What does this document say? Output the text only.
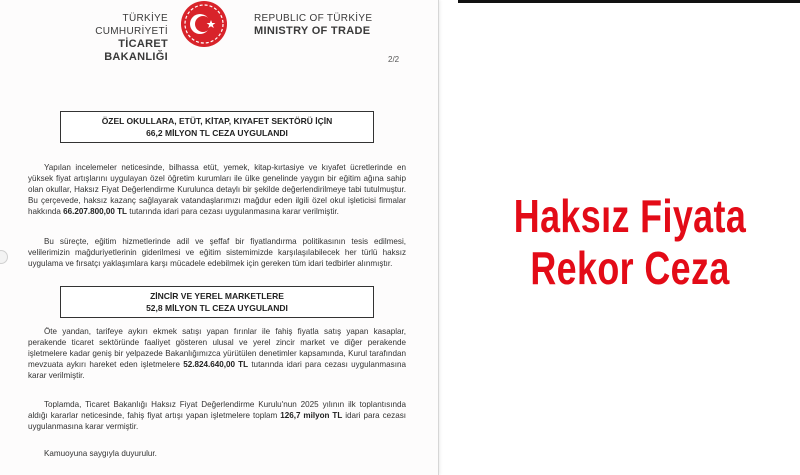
TÜRKİYE CUMHURİYETİ
TİCARET BAKANLIĞI
REPUBLIC OF TÜRKİYE
MINISTRY OF TRADE
2/2
ÖZEL OKULLARA, ETÜT, KİTAP, KIYAFET SEKTÖRÜ İÇİN
66,2 MİLYON TL CEZA UYGULANDI
Yapılan incelemeler neticesinde, bilhassa etüt, yemek, kitap-kırtasiye ve kıyafet ücretlerinde en yüksek fiyat artışlarını uygulayan özel öğretim kurumları ile ülke genelinde yaygın bir eğitim ağına sahip olan okullar, Haksız Fiyat Değerlendirme Kurulunca detaylı bir şekilde değerlendirilmeye tabi tutulmuştur. Bu çerçevede, haksız kazanç sağlayarak vatandaşlarımızı mağdur eden ilgili özel okul işleticisi firmalar hakkında 66.207.800,00 TL tutarında idari para cezası uygulanmasına karar verilmiştir.
Bu süreçte, eğitim hizmetlerinde adil ve şeffaf bir fiyatlandırma politikasının tesis edilmesi, velilerimizin mağduriyetlerinin giderilmesi ve eğitim sistemimizde karşılaşılabilecek her türlü haksız uygulama ve fırsatçı yaklaşımlara karşı mücadele edebilmek için gereken tüm idari tedbirler alınmıştır.
ZİNCİR VE YEREL MARKETLERE
52,8 MİLYON TL CEZA UYGULANDI
Öte yandan, tarifeye aykırı ekmek satışı yapan fırınlar ile fahiş fiyatla satış yapan kasaplar, perakende ticaret sektöründe faaliyet gösteren ulusal ve yerel zincir market ve diğer perakende işletmelere kadar geniş bir yelpazede Bakanlığımızca yürütülen denetimler kapsamında, Kurul tarafından mevzuata aykırı hareket eden işletmelere 52.824.640,00 TL tutarında idari para cezası uygulanmasına karar verilmiştir.
Toplamda, Ticaret Bakanlığı Haksız Fiyat Değerlendirme Kurulu'nun 2025 yılının ilk toplantısında aldığı kararlar neticesinde, fahiş fiyat artışı yapan işletmelere toplam 126,7 milyon TL idari para cezası uygulanmasına karar vermiştir.
Kamuoyuna saygıyla duyurulur.
Haksız Fiyata
Rekor Ceza
